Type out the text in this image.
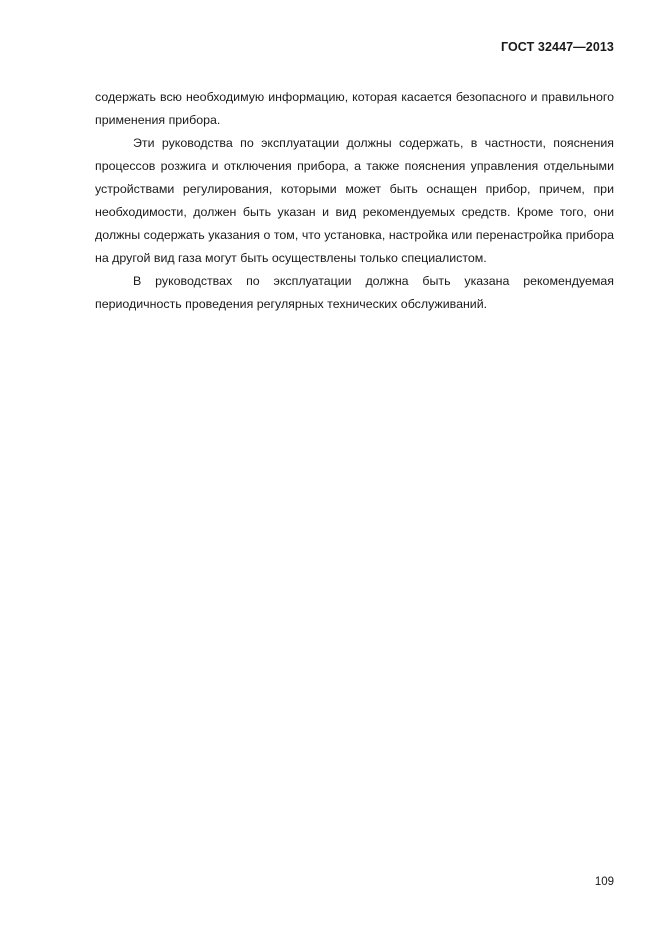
ГОСТ 32447—2013

содержать всю необходимую информацию, которая касается безопасного и правильного применения прибора.

Эти руководства по эксплуатации должны содержать, в частности, пояснения процессов розжига и отключения прибора, а также пояснения управления отдельными устройствами регулирования, которыми может быть оснащен прибор, причем, при необходимости, должен быть указан и вид рекомендуемых средств. Кроме того, они должны содержать указания о том, что установка, настройка или перенастройка прибора на другой вид газа могут быть осуществлены только специалистом.

В руководствах по эксплуатации должна быть указана рекомендуемая периодичность проведения регулярных технических обслуживаний.

109
